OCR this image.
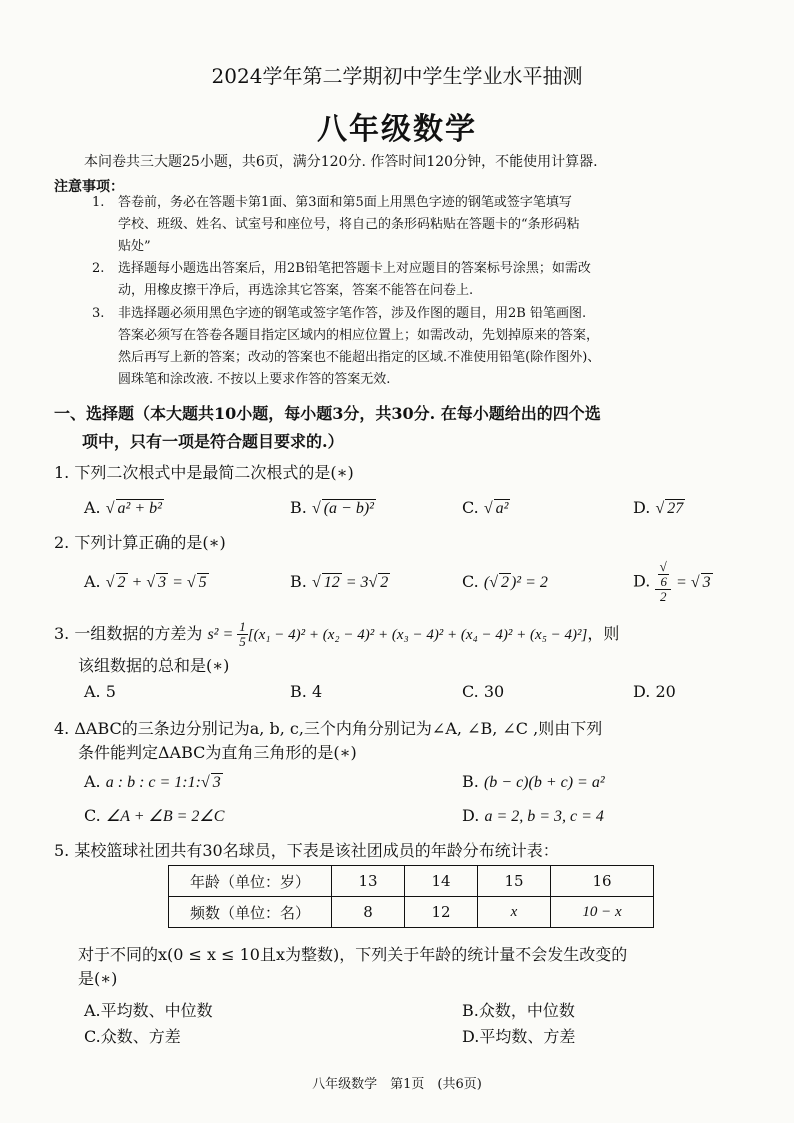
2024学年第二学期初中学生学业水平抽测
八年级数学
本问卷共三大题25小题，共6页，满分120分. 作答时间120分钟，不能使用计算器.
注意事项：
1. 答卷前，务必在答题卡第1面、第3面和第5面上用黑色字迹的钢笔或签字笔填写
学校、班级、姓名、试室号和座位号，将自己的条形码粘贴在答题卡的“条形码粘
贴处”
2. 选择题每小题选出答案后，用2B铅笔把答题卡上对应题目的答案标号涂黑；如需改
动，用橡皮擦干净后，再选涂其它答案，答案不能答在问卷上.
3. 非选择题必须用黑色字迹的钢笔或签字笔作答，涉及作图的题目，用2B 铅笔画图.
答案必须写在答卷各题目指定区域内的相应位置上；如需改动，先划掉原来的答案，
然后再写上新的答案；改动的答案也不能超出指定的区域.不准使用铅笔(除作图外)、
圆珠笔和涂改液. 不按以上要求作答的答案无效.
一、选择题（本大题共10小题，每小题3分，共30分. 在每小题给出的四个选
项中，只有一项是符合题目要求的.）
1. 下列二次根式中是最简二次根式的是(∗)
A. √ a² + b²	B. √ (a − b)²	C. √ a²	D. √ 27
2. 下列计算正确的是(∗)
A. √ 2 + √ 3 = √ 5	B. √ 12 = 3√ 2	C. (√ 2 )² = 2	D. √
6
2 = √ 3
3. 一组数据的方差为 $s^2 = \frac{1}{5} [(x_1 - 4)^2 + (x_2 - 4)^2 + (x_3 - 4)^2 + (x_4 - 4)^2 + (x_5 - 4)^2]$，则
该组数据的总和是(∗)
A. 5	B. 4	C. 30	D. 20
4. ΔABC的三条边分别记为a, b, c,三个内角分别记为∠A, ∠B, ∠C ,则由下列
条件能判定ΔABC为直角三角形的是(∗)
A. a : b : c = 1:1:√ 3	B. (b − c)(b + c) = a²
C. ∠A + ∠B = 2∠C	D. a = 2, b = 3, c = 4
5. 某校篮球社团共有30名球员，下表是该社团成员的年龄分布统计表：
年龄（单位：岁）	13	14	15	16
频数（单位：名）	8	12	x	10 − x
对于不同的x(0 ≤ x ≤ 10且x为整数)，下列关于年龄的统计量不会发生改变的
是(∗)
A.平均数、中位数	B.众数，中位数
C.众数、方差	D.平均数、方差
八年级数学　第1页　(共6页)
